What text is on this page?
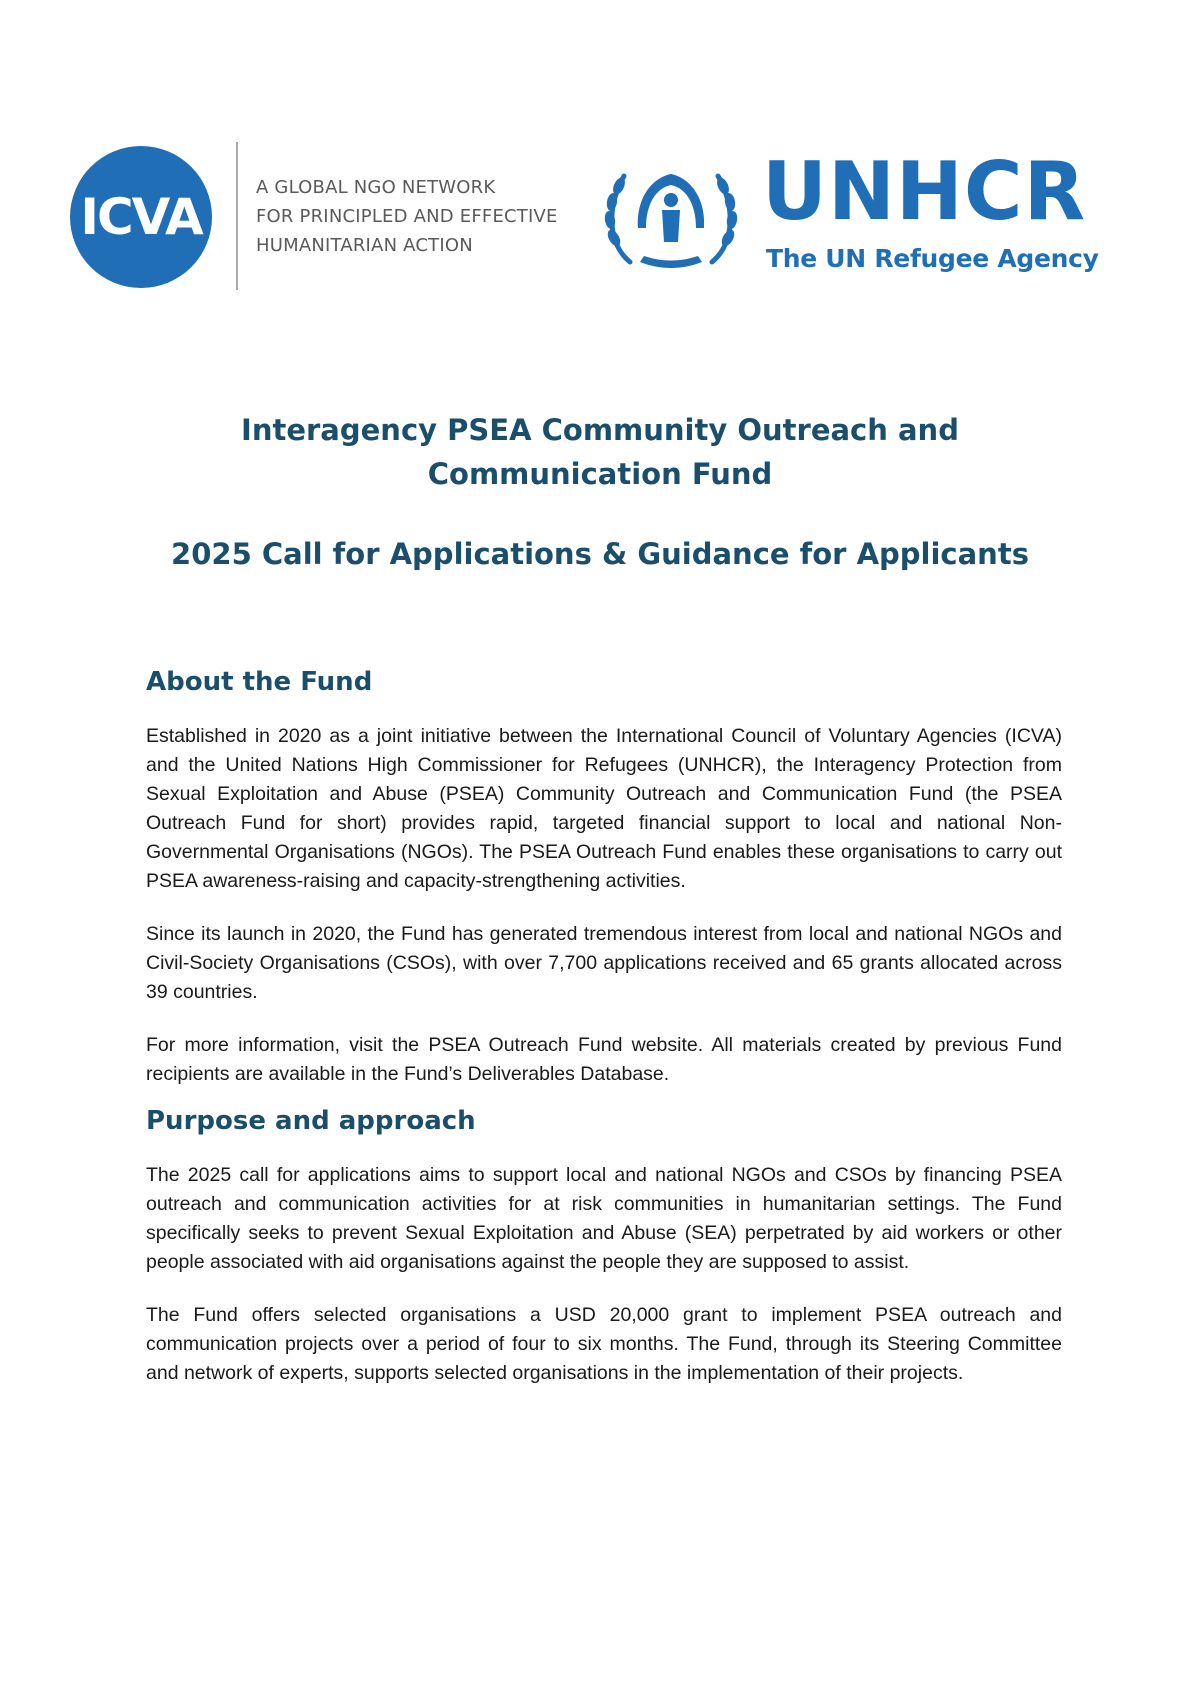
ICVA
A GLOBAL NGO NETWORK
FOR PRINCIPLED AND EFFECTIVE
HUMANITARIAN ACTION
UNHCR
The UN Refugee Agency
Interagency PSEA Community Outreach and Communication Fund
2025 Call for Applications & Guidance for Applicants
About the Fund

Established in 2020 as a joint initiative between the International Council of Voluntary Agencies (ICVA) and the United Nations High Commissioner for Refugees (UNHCR), the Interagency Protection from Sexual Exploitation and Abuse (PSEA) Community Outreach and Communication Fund (the PSEA Outreach Fund for short) provides rapid, targeted financial support to local and national Non-Governmental Organisations (NGOs). The PSEA Outreach Fund enables these organisations to carry out PSEA awareness-raising and capacity-strengthening activities.

Since its launch in 2020, the Fund has generated tremendous interest from local and national NGOs and Civil-Society Organisations (CSOs), with over 7,700 applications received and 65 grants allocated across 39 countries.

For more information, visit the PSEA Outreach Fund website. All materials created by previous Fund recipients are available in the Fund’s Deliverables Database.

Purpose and approach

The 2025 call for applications aims to support local and national NGOs and CSOs by financing PSEA outreach and communication activities for at risk communities in humanitarian settings. The Fund specifically seeks to prevent Sexual Exploitation and Abuse (SEA) perpetrated by aid workers or other people associated with aid organisations against the people they are supposed to assist.

The Fund offers selected organisations a USD 20,000 grant to implement PSEA outreach and communication projects over a period of four to six months. The Fund, through its Steering Committee and network of experts, supports selected organisations in the implementation of their projects.
